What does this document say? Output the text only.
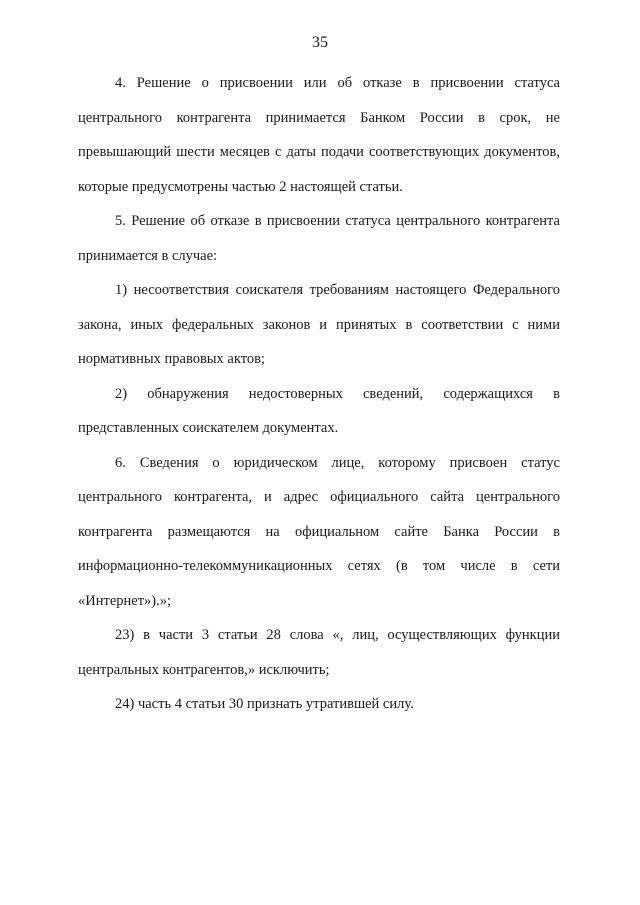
35

4. Решение о присвоении или об отказе в присвоении статуса центрального контрагента принимается Банком России в срок, не превышающий шести месяцев с даты подачи соответствующих документов, которые предусмотрены частью 2 настоящей статьи.

5. Решение об отказе в присвоении статуса центрального контрагента принимается в случае:

1) несоответствия соискателя требованиям настоящего Федерального закона, иных федеральных законов и принятых в соответствии с ними нормативных правовых актов;

2) обнаружения недостоверных сведений, содержащихся в представленных соискателем документах.

6. Сведения о юридическом лице, которому присвоен статус центрального контрагента, и адрес официального сайта центрального контрагента размещаются на официальном сайте Банка России в информационно-телекоммуникационных сетях (в том числе в сети «Интернет»).»;

23) в части 3 статьи 28 слова «, лиц, осуществляющих функции центральных контрагентов,» исключить;

24) часть 4 статьи 30 признать утратившей силу.
